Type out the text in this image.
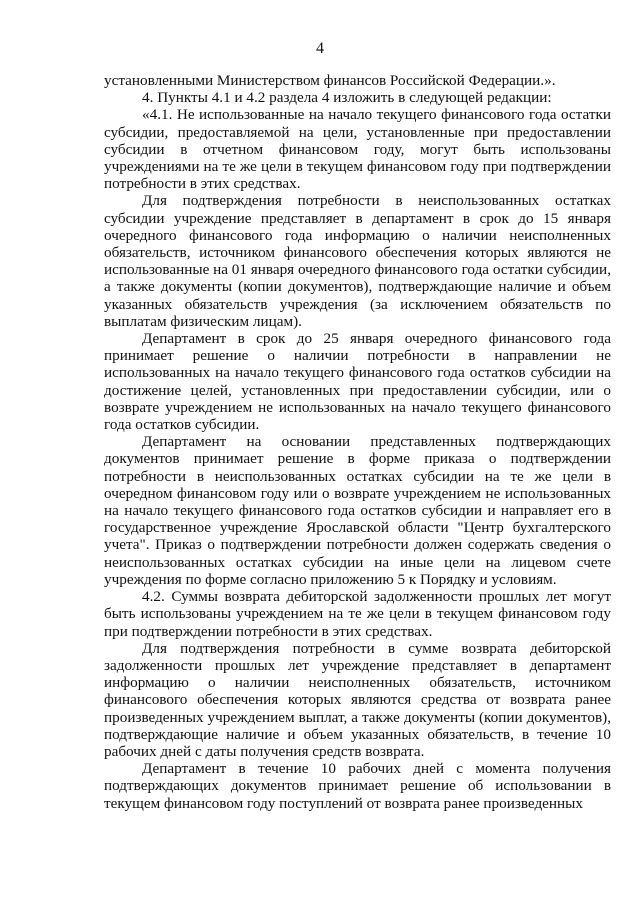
4

установленными Министерством финансов Российской Федерации.».

4. Пункты 4.1 и 4.2 раздела 4 изложить в следующей редакции:

«4.1. Не использованные на начало текущего финансового года остатки субсидии, предоставляемой на цели, установленные при предоставлении субсидии в отчетном финансовом году, могут быть использованы учреждениями на те же цели в текущем финансовом году при подтверждении потребности в этих средствах.

Для подтверждения потребности в неиспользованных остатках субсидии учреждение представляет в департамент в срок до 15 января очередного финансового года информацию о наличии неисполненных обязательств, источником финансового обеспечения которых являются не использованные на 01 января очередного финансового года остатки субсидии, а также документы (копии документов), подтверждающие наличие и объем указанных обязательств учреждения (за исключением обязательств по выплатам физическим лицам).

Департамент в срок до 25 января очередного финансового года принимает решение о наличии потребности в направлении не использованных на начало текущего финансового года остатков субсидии на достижение целей, установленных при предоставлении субсидии, или о возврате учреждением не использованных на начало текущего финансового года остатков субсидии.

Департамент на основании представленных подтверждающих документов принимает решение в форме приказа о подтверждении потребности в неиспользованных остатках субсидии на те же цели в очередном финансовом году или о возврате учреждением не использованных на начало текущего финансового года остатков субсидии и направляет его в государственное учреждение Ярославской области "Центр бухгалтерского учета". Приказ о подтверждении потребности должен содержать сведения о неиспользованных остатках субсидии на иные цели на лицевом счете учреждения по форме согласно приложению 5 к Порядку и условиям.

4.2. Суммы возврата дебиторской задолженности прошлых лет могут быть использованы учреждением на те же цели в текущем финансовом году при подтверждении потребности в этих средствах.

Для подтверждения потребности в сумме возврата дебиторской задолженности прошлых лет учреждение представляет в департамент информацию о наличии неисполненных обязательств, источником финансового обеспечения которых являются средства от возврата ранее произведенных учреждением выплат, а также документы (копии документов), подтверждающие наличие и объем указанных обязательств, в течение 10 рабочих дней с даты получения средств возврата.

Департамент в течение 10 рабочих дней с момента получения подтверждающих документов принимает решение об использовании в текущем финансовом году поступлений от возврата ранее произведенных
